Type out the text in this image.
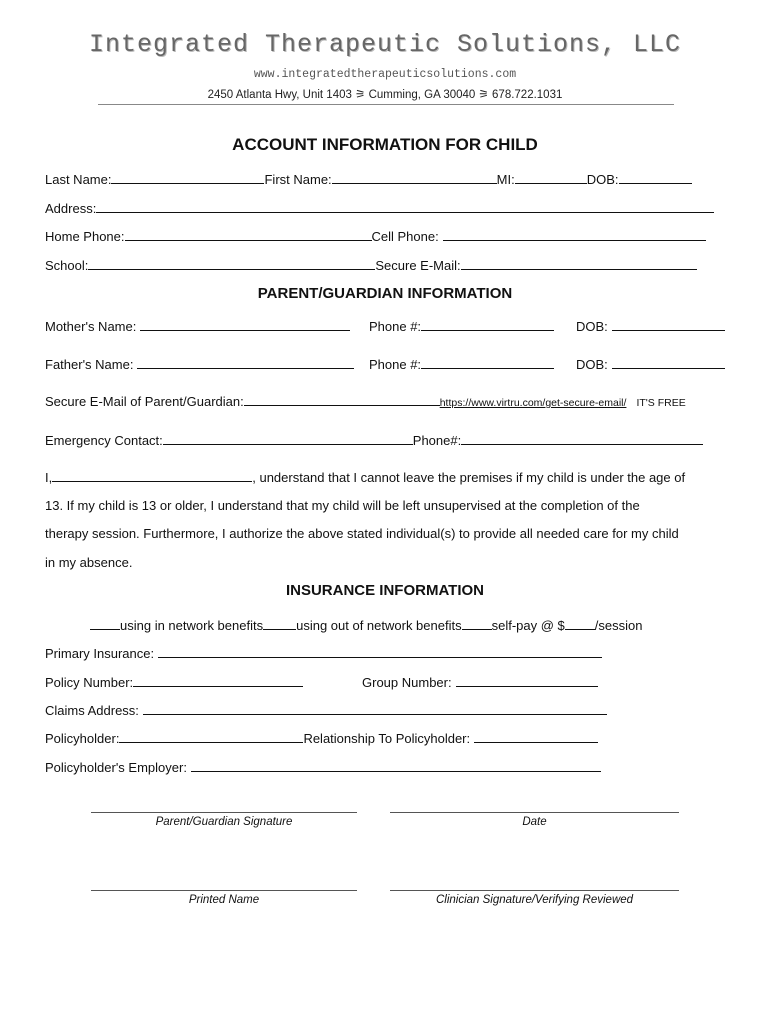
Integrated Therapeutic Solutions, LLC
www.integratedtherapeuticsolutions.com
2450 Atlanta Hwy, Unit 1403 ⚞ Cumming, GA 30040 ⚞ 678.722.1031
ACCOUNT INFORMATION FOR CHILD
Last Name:	First Name:	MI:	DOB:
Address:
Home Phone:	Cell Phone:
School:	Secure E-Mail:
PARENT/GUARDIAN INFORMATION
Mother's Name:	Phone #:	DOB:
Father's Name:	Phone #:	DOB:
Secure E-Mail of Parent/Guardian:	https://www.virtru.com/get-secure-email/ IT'S FREE
Emergency Contact:	Phone#:
I,	, understand that I cannot leave the premises if my child is under the age of
13. If my child is 13 or older, I understand that my child will be left unsupervised at the completion of the
therapy session. Furthermore, I authorize the above stated individual(s) to provide all needed care for my child
in my absence.
INSURANCE INFORMATION
using in network benefits	using out of network benefits self-pay @ $ /session
Primary Insurance:
Policy Number:	Group Number:
Claims Address:
Policyholder:	Relationship To Policyholder:
Policyholder's Employer:
Parent/Guardian Signature	Date
Printed Name	Clinician Signature/Verifying Reviewed
